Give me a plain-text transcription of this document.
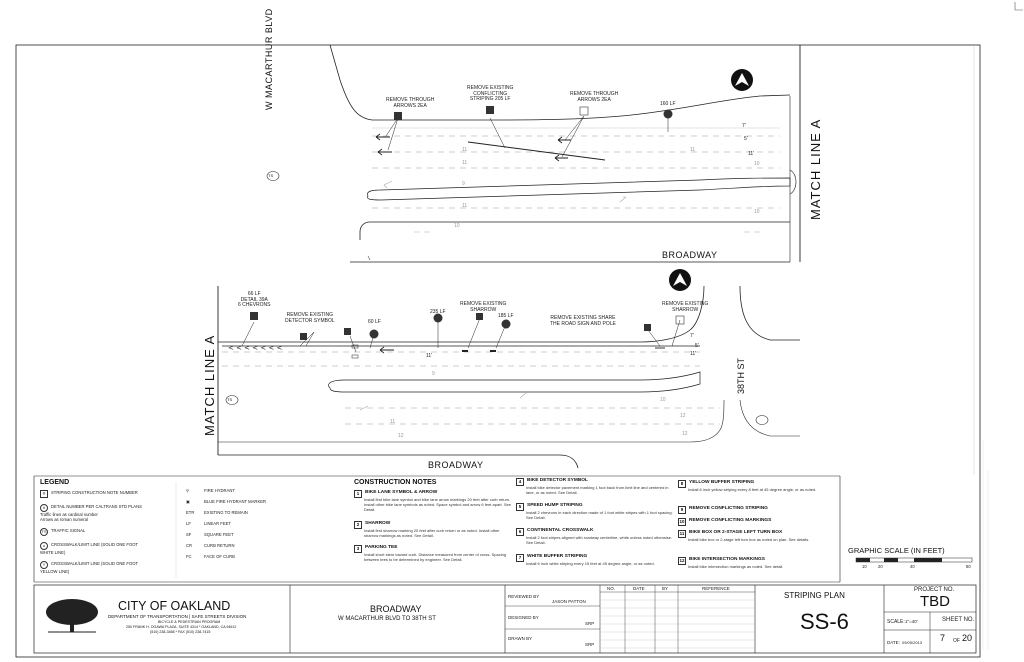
< < < < < < <
W MACARTHUR BLVD
MATCH LINE A
BROADWAY
TS
REMOVE THROUGH
ARROWS 2EA
REMOVE EXISTING
CONFLICTING
STRIPING 205 LF
REMOVE THROUGH
ARROWS 2EA
160 LF
7'
5'
11'
11
11
10
11
11
10
10
9
MATCH LINE A	38TH ST
BROADWAY
TS
66 LF
DETAIL 39A
6 CHEVRONS
REMOVE EXISTING
DETECTOR SYMBOL	60 LF
235 LF
REMOVE EXISTING
SHARROW
185 LF	REMOVE EXISTING SHARE
THE ROAD SIGN AND POLE
REMOVE EXISTING
SHARROW
7'
5'
11'	11'
9
10
11
12
12	12
LEGEND
# STRIPING CONSTRUCTION NOTE NUMBER
# DETAIL NUMBER PER CALTRANS STD PLANS
Traffic lines as cardinal number
Arrows as roman numeral
TS TRAFFIC SIGNAL
o CROSSWALK/LIMIT LINE (SOLID ONE FOOT
WHITE LINE)
Y CROSSWALK/LIMIT LINE (SOLID ONE FOOT
YELLOW LINE)
⚲	FIRE HYDRANT
▣	BLUE FIRE HYDRANT MARKER
ETR EXISTING TO REMAIN
LF	LINEAR FEET
SF	SQUARE FEET
CR	CURB RETURN
FC	FACE OF CURB
CONSTRUCTION NOTES
1 BIKE LANE SYMBOL & ARROW
Install first bike lane symbol and bike lane arrow markings 20 feet after curb return. Install other bike lane symbols as noted. Space symbol and arrow 6 feet apart. See Detail.
2 SHARROW
Install first sharrow marking 20 feet after curb return or as noted. Install other sharrow markings as noted. See Detail.
3 PARKING TEE
Install short stem toward curb. Distance measured from center of cross. Spacing between tees to be determined by engineer. See Detail.
4 BIKE DETECTOR SYMBOL
Install bike detector pavement marking 1 foot back from limit line and centered in lane, or as noted. See Detail.
5 SPEED HUMP STRIPING
Install 2 chevrons in each direction made of 1 foot white stripes with 1 foot spacing. See Detail.
6 CONTINENTAL CROSSWALK
Install 2 foot stripes aligned with roadway centerline, white unless noted otherwise. See Detail.
7 WHITE BUFFER STRIPING
Install 6 inch white striping every 15 feet at 45 degree angle, or as noted.
8 YELLOW BUFFER STRIPING
Install 6 inch yellow striping every 8 feet at 45 degree angle, or as noted.
9 REMOVE CONFLICTING STRIPING
10 REMOVE CONFLICTING MARKINGS
11 BIKE BOX OR 2-STAGE LEFT TURN BOX
Install bike box or 2-stage left turn box as noted on plan. See details.
12 BIKE INTERSECTION MARKINGS
Install bike intersection markings as noted. See detail.
GRAPHIC SCALE (IN FEET)
10	20	40	80
CITY OF OAKLAND
DEPARTMENT OF TRANSPORTATION | SAFE STREETS DIVISION
BICYCLE & PEDESTRIAN PROGRAM
250 FRANK H. OGAWA PLAZA, SUITE 4314 * OAKLAND, CA 94612
(510) 238-3466 * FAX (510) 238-7415
BROADWAY
W MACARTHUR BLVD TO 38TH ST
REVIEWED BY
JASON PATTON
DESIGNED BY
SRP
DRAWN BY
SRP
NO.	DATE	BY	REFERENCE
STRIPING PLAN
SS-6
PROJECT NO.
TBD
SCALE: 1"=40'	SHEET NO.
DATE: 09/05/2013 7 OF 20
